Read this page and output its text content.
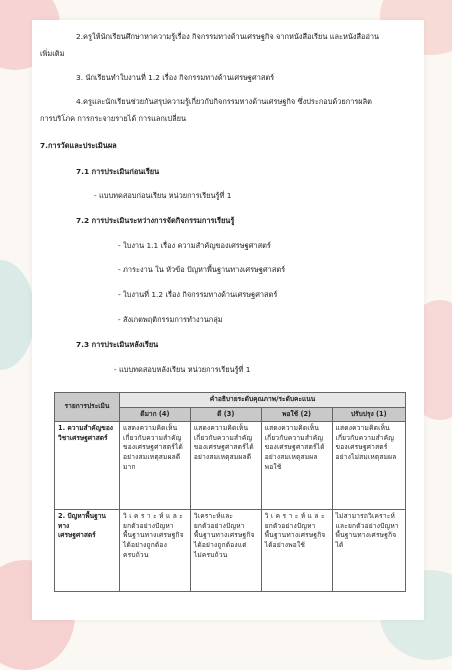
2.ครูให้นักเรียนศึกษาหาความรู้เรื่อง กิจกรรมทางด้านเศรษฐกิจ จากหนังสือเรียน และหนังสืออ่าน
เพิ่มเติม
3. นักเรียนทำใบงานที่ 1.2 เรื่อง กิจกรรมทางด้านเศรษฐศาสตร์
4.ครูและนักเรียนช่วยกันสรุปความรู้เกี่ยวกับกิจกรรมทางด้านเศรษฐกิจ ซึ่งประกอบด้วยการผลิต
การบริโภค การกระจายรายได้ การแลกเปลี่ยน
7.การวัดและประเมินผล
7.1 การประเมินก่อนเรียน
- แบบทดสอบก่อนเรียน หน่วยการเรียนรู้ที่ 1
7.2 การประเมินระหว่างการจัดกิจกรรมการเรียนรู้
- ใบงาน 1.1 เรื่อง ความสำคัญของเศรษฐศาสตร์
- ภาระงาน ใน หัวข้อ ปัญหาพื้นฐานทางเศรษฐศาสตร์
- ใบงานที่ 1.2 เรื่อง กิจกรรมทางด้านเศรษฐศาสตร์
- สังเกตพฤติกรรมการทำงานกลุ่ม
7.3 การประเมินหลังเรียน
- แบบทดสอบหลังเรียน หน่วยการเรียนรู้ที่ 1
รายการประเมิน	คำอธิบายระดับคุณภาพ/ระดับคะแนน			
	ดีมาก (4)	ดี (3)	พอใช้ (2)	ปรับปรุง (1)
1. ความสำคัญของ
วิชาเศรษฐศาสตร์	แสดงความคิดเห็น
เกี่ยวกับความสำคัญ
ของเศรษฐศาสตร์ได้
อย่างสมเหตุสมผลดี
มาก	แสดงความคิดเห็น
เกี่ยวกับความสำคัญ
ของเศรษฐศาสตร์ได้
อย่างสมเหตุสมผลดี	แสดงความคิดเห็น
เกี่ยวกับความสำคัญ
ของเศรษฐศาสตร์ได้
อย่างสมเหตุสมผล
พอใช้	แสดงความคิดเห็น
เกี่ยวกับความสำคัญ
ของเศรษฐศาสตร์
อย่างไม่สมเหตุสมผล
2. ปัญหาพื้นฐาน
ทาง
เศรษฐศาสตร์	วิ เ ค ร า ะ ห์ แ ล ะ
ยกตัวอย่างปัญหา
พื้นฐานทางเศรษฐกิจ
ได้อย่างถูกต้อง
ครบถ้วน	วิเคราะห์และ
ยกตัวอย่างปัญหา
พื้นฐานทางเศรษฐกิจ
ได้อย่างถูกต้องแต่
ไม่ครบถ้วน	วิ เ ค ร า ะ ห์ แ ล ะ
ยกตัวอย่างปัญหา
พื้นฐานทางเศรษฐกิจ
ได้อย่างพอใช้	ไม่สามารถวิเคราะห์
และยกตัวอย่างปัญหา
พื้นฐานทางเศรษฐกิจ
ได้
